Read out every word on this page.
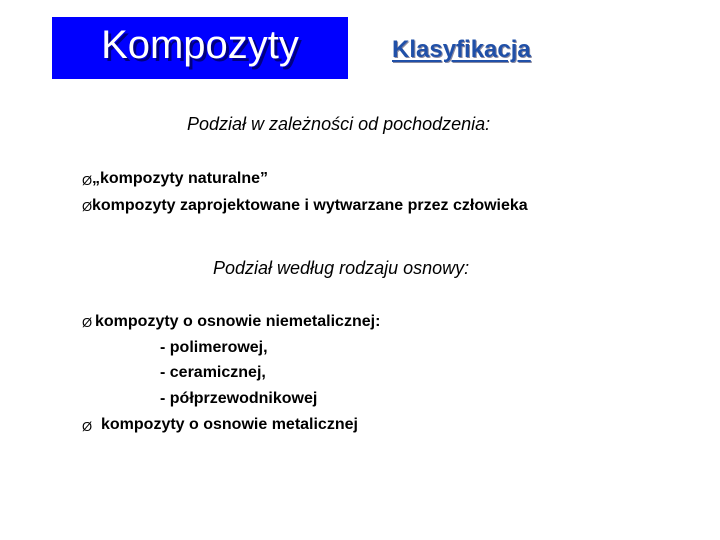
Kompozyty	Klasyfikacja
Podział w zależności od pochodzenia:
Ø „kompozyty naturalne”
Ø kompozyty zaprojektowane i wytwarzane przez człowieka
Podział według rodzaju osnowy:
Ø kompozyty o osnowie niemetalicznej:
- polimerowej,
- ceramicznej,
- półprzewodnikowej
Ø kompozyty o osnowie metalicznej
